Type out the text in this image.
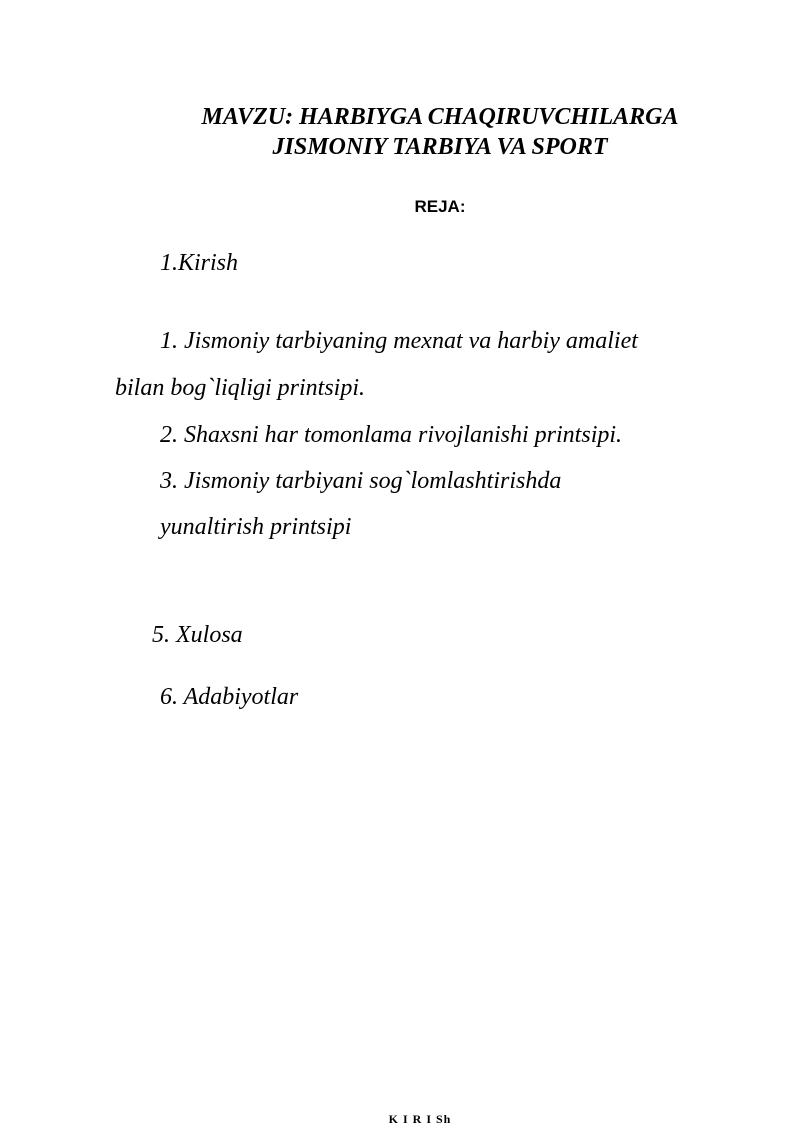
MAVZU: HARBIYGA CHAQIRUVCHILARGA
JISMONIY TARBIYA VA SPORT
REJA:
1.Kirish
1. Jismoniy tarbiyaning mexnat va harbiy amaliet
bilan bog`liqligi printsipi.
2. Shaxsni har tomonlama rivojlanishi printsipi.
3. Jismoniy tarbiyani sog`lomlashtirishda
yunaltirish printsipi
5. Xulosa
6. Adabiyotlar
K I R I Sh
